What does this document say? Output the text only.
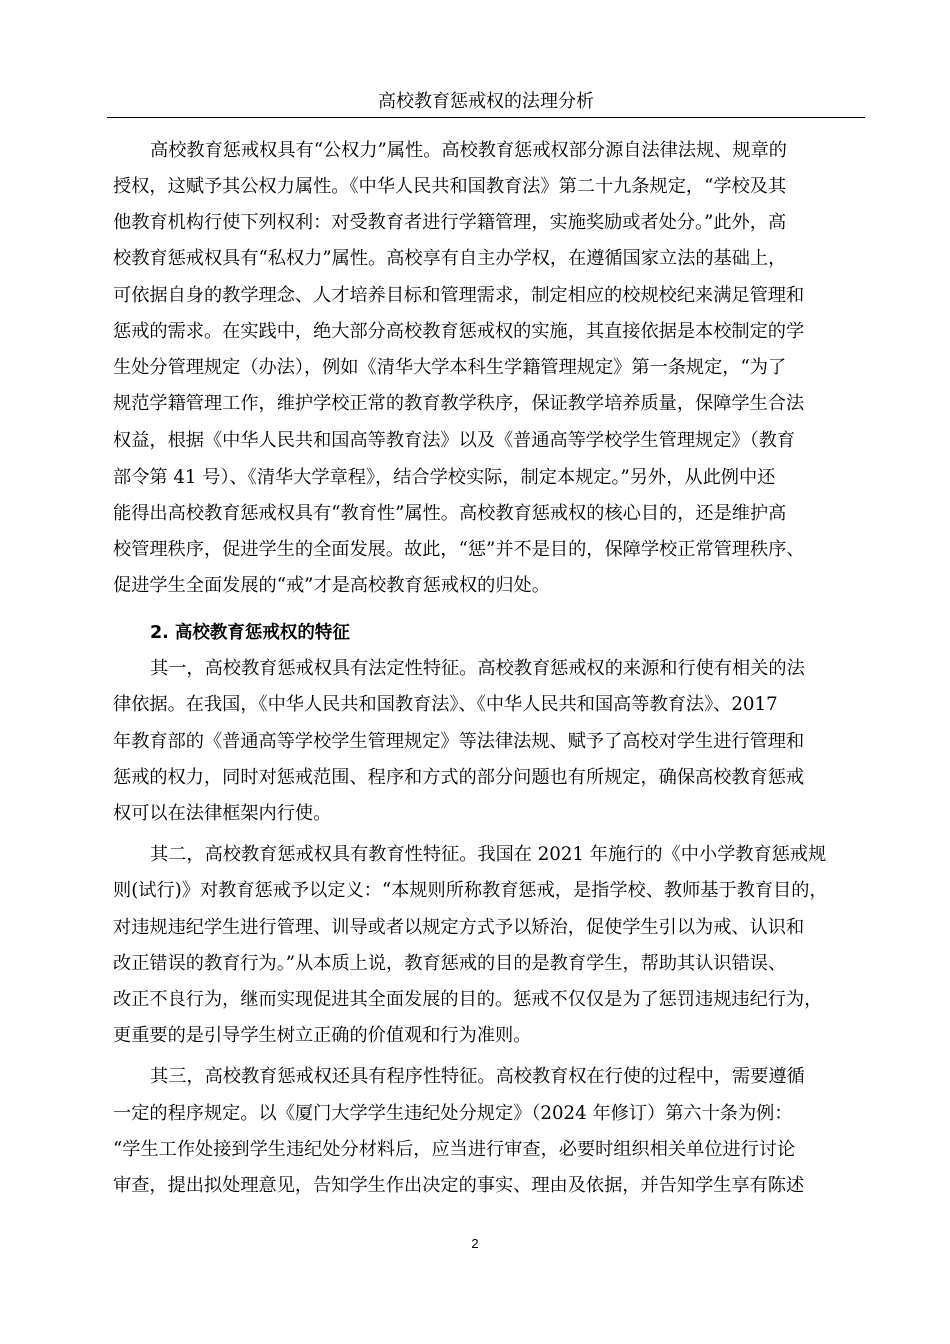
高校教育惩戒权的法理分析
高校教育惩戒权具有“公权力”属性。高校教育惩戒权部分源自法律法规、规章的
授权，这赋予其公权力属性。《中华人民共和国教育法》第二十九条规定，“学校及其
他教育机构行使下列权利：对受教育者进行学籍管理，实施奖励或者处分。”此外，高
校教育惩戒权具有“私权力”属性。高校享有自主办学权，在遵循国家立法的基础上，
可依据自身的教学理念、人才培养目标和管理需求，制定相应的校规校纪来满足管理和
惩戒的需求。在实践中，绝大部分高校教育惩戒权的实施，其直接依据是本校制定的学
生处分管理规定（办法），例如《清华大学本科生学籍管理规定》第一条规定，“为了
规范学籍管理工作，维护学校正常的教育教学秩序，保证教学培养质量，保障学生合法
权益，根据《中华人民共和国高等教育法》以及《普通高等学校学生管理规定》（教育
部令第 41 号）、《清华大学章程》，结合学校实际，制定本规定。”另外，从此例中还
能得出高校教育惩戒权具有“教育性”属性。高校教育惩戒权的核心目的，还是维护高
校管理秩序，促进学生的全面发展。故此，“惩”并不是目的，保障学校正常管理秩序、
促进学生全面发展的“戒”才是高校教育惩戒权的归处。
2. 高校教育惩戒权的特征
其一，高校教育惩戒权具有法定性特征。高校教育惩戒权的来源和行使有相关的法
律依据。在我国，《中华人民共和国教育法》、《中华人民共和国高等教育法》、2017
年教育部的《普通高等学校学生管理规定》等法律法规、赋予了高校对学生进行管理和
惩戒的权力，同时对惩戒范围、程序和方式的部分问题也有所规定，确保高校教育惩戒
权可以在法律框架内行使。
其二，高校教育惩戒权具有教育性特征。我国在 2021 年施行的《中小学教育惩戒规
则(试行)》对教育惩戒予以定义：“本规则所称教育惩戒，是指学校、教师基于教育目的，
对违规违纪学生进行管理、训导或者以规定方式予以矫治，促使学生引以为戒、认识和
改正错误的教育行为。”从本质上说，教育惩戒的目的是教育学生，帮助其认识错误、
改正不良行为，继而实现促进其全面发展的目的。惩戒不仅仅是为了惩罚违规违纪行为，
更重要的是引导学生树立正确的价值观和行为准则。
其三，高校教育惩戒权还具有程序性特征。高校教育权在行使的过程中，需要遵循
一定的程序规定。以《厦门大学学生违纪处分规定》（2024 年修订）第六十条为例：
“学生工作处接到学生违纪处分材料后，应当进行审查，必要时组织相关单位进行讨论
审查，提出拟处理意见，告知学生作出决定的事实、理由及依据，并告知学生享有陈述
2
